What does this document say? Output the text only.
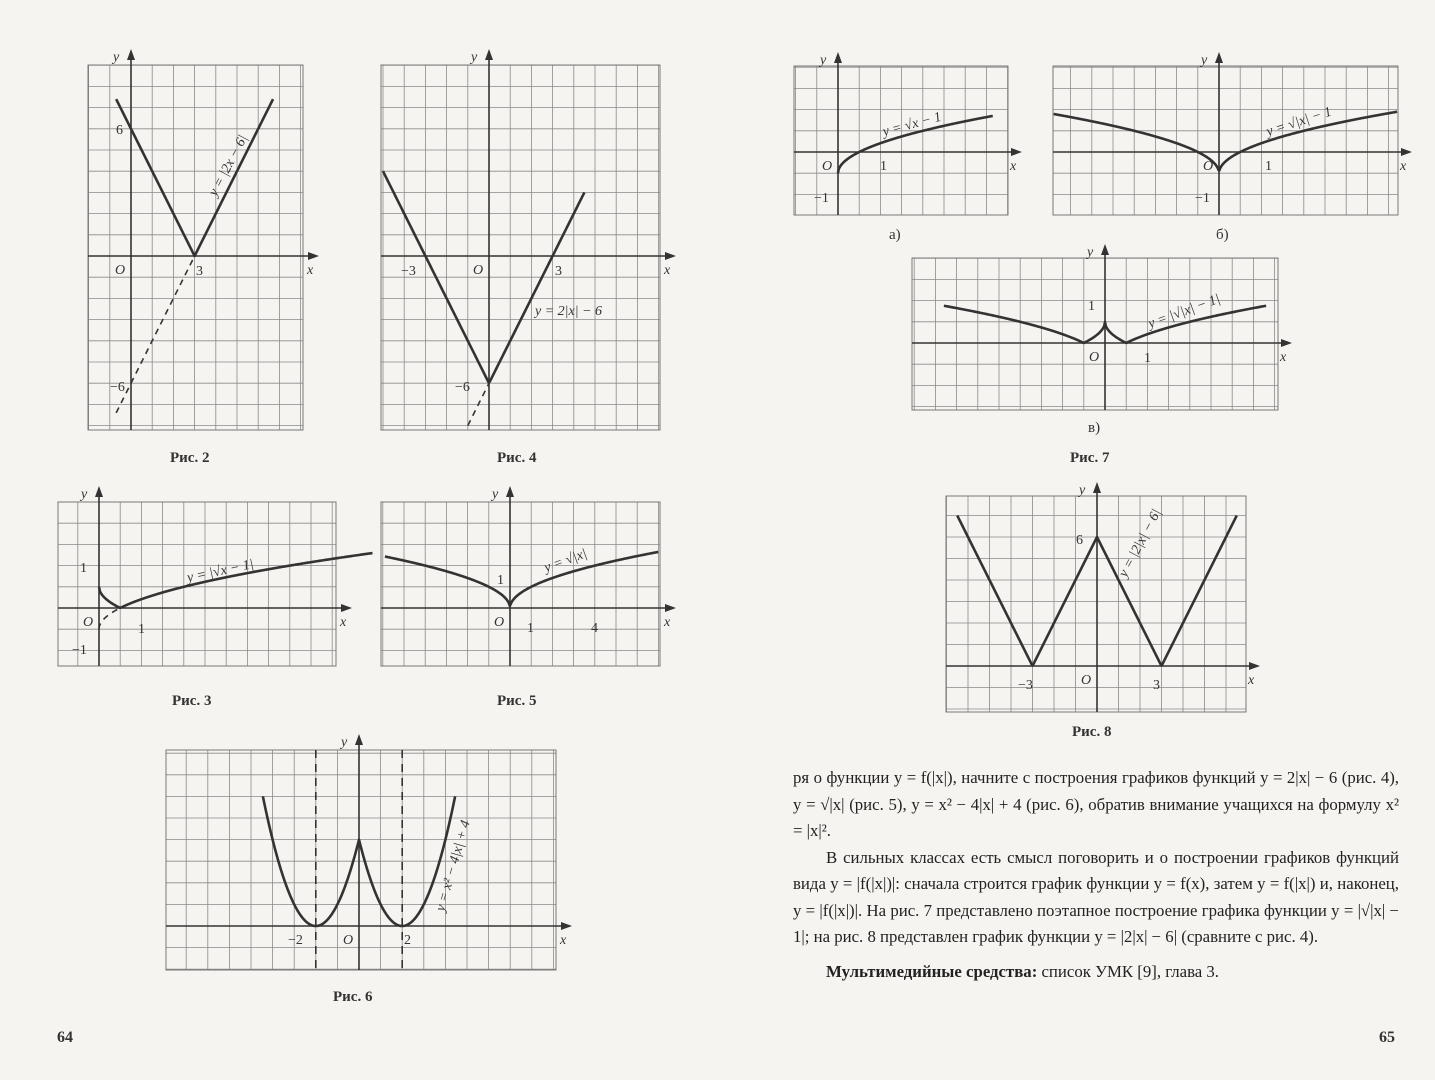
x
y
O
6
−6
3
y = |2x − 6|
Рис. 2
x
y
O
−3	3
−6
y = 2|x| − 6
Рис. 4
x
y
O
1
−1
1
y = |√x − 1|
Рис. 3
x
y
O
1
1	4
y = √|x|
Рис. 5
x
y
O
−2	2
y = x² − 4|x| + 4
Рис. 6
x
y
O
−1
1
y = √x − 1
а)
x
y
O
−1
1
y = √|x| − 1
б)
x
y
O
1
1
y = |√|x| − 1|
в)
Рис. 7
x
y
O
6
−3	3
y = |2|x| − 6|
Рис. 8

ря о функции y = f(|x|), начните с построения графиков функций y = 2|x| − 6 (рис. 4), y = √|x| (рис. 5), y = x² − 4|x| + 4 (рис. 6), обратив внимание учащихся на формулу x² = |x|².

В сильных классах есть смысл поговорить и о построении графиков функций вида y = |f(|x|)|: сначала строится график функции y = f(x), затем y = f(|x|) и, наконец, y = |f(|x|)|. На рис. 7 представлено поэтапное построение графика функции y = |√|x| − 1|; на рис. 8 представлен график функции y = |2|x| − 6| (сравните с рис. 4).

Мультимедийные средства: список УМК [9], глава 3.

64	65
